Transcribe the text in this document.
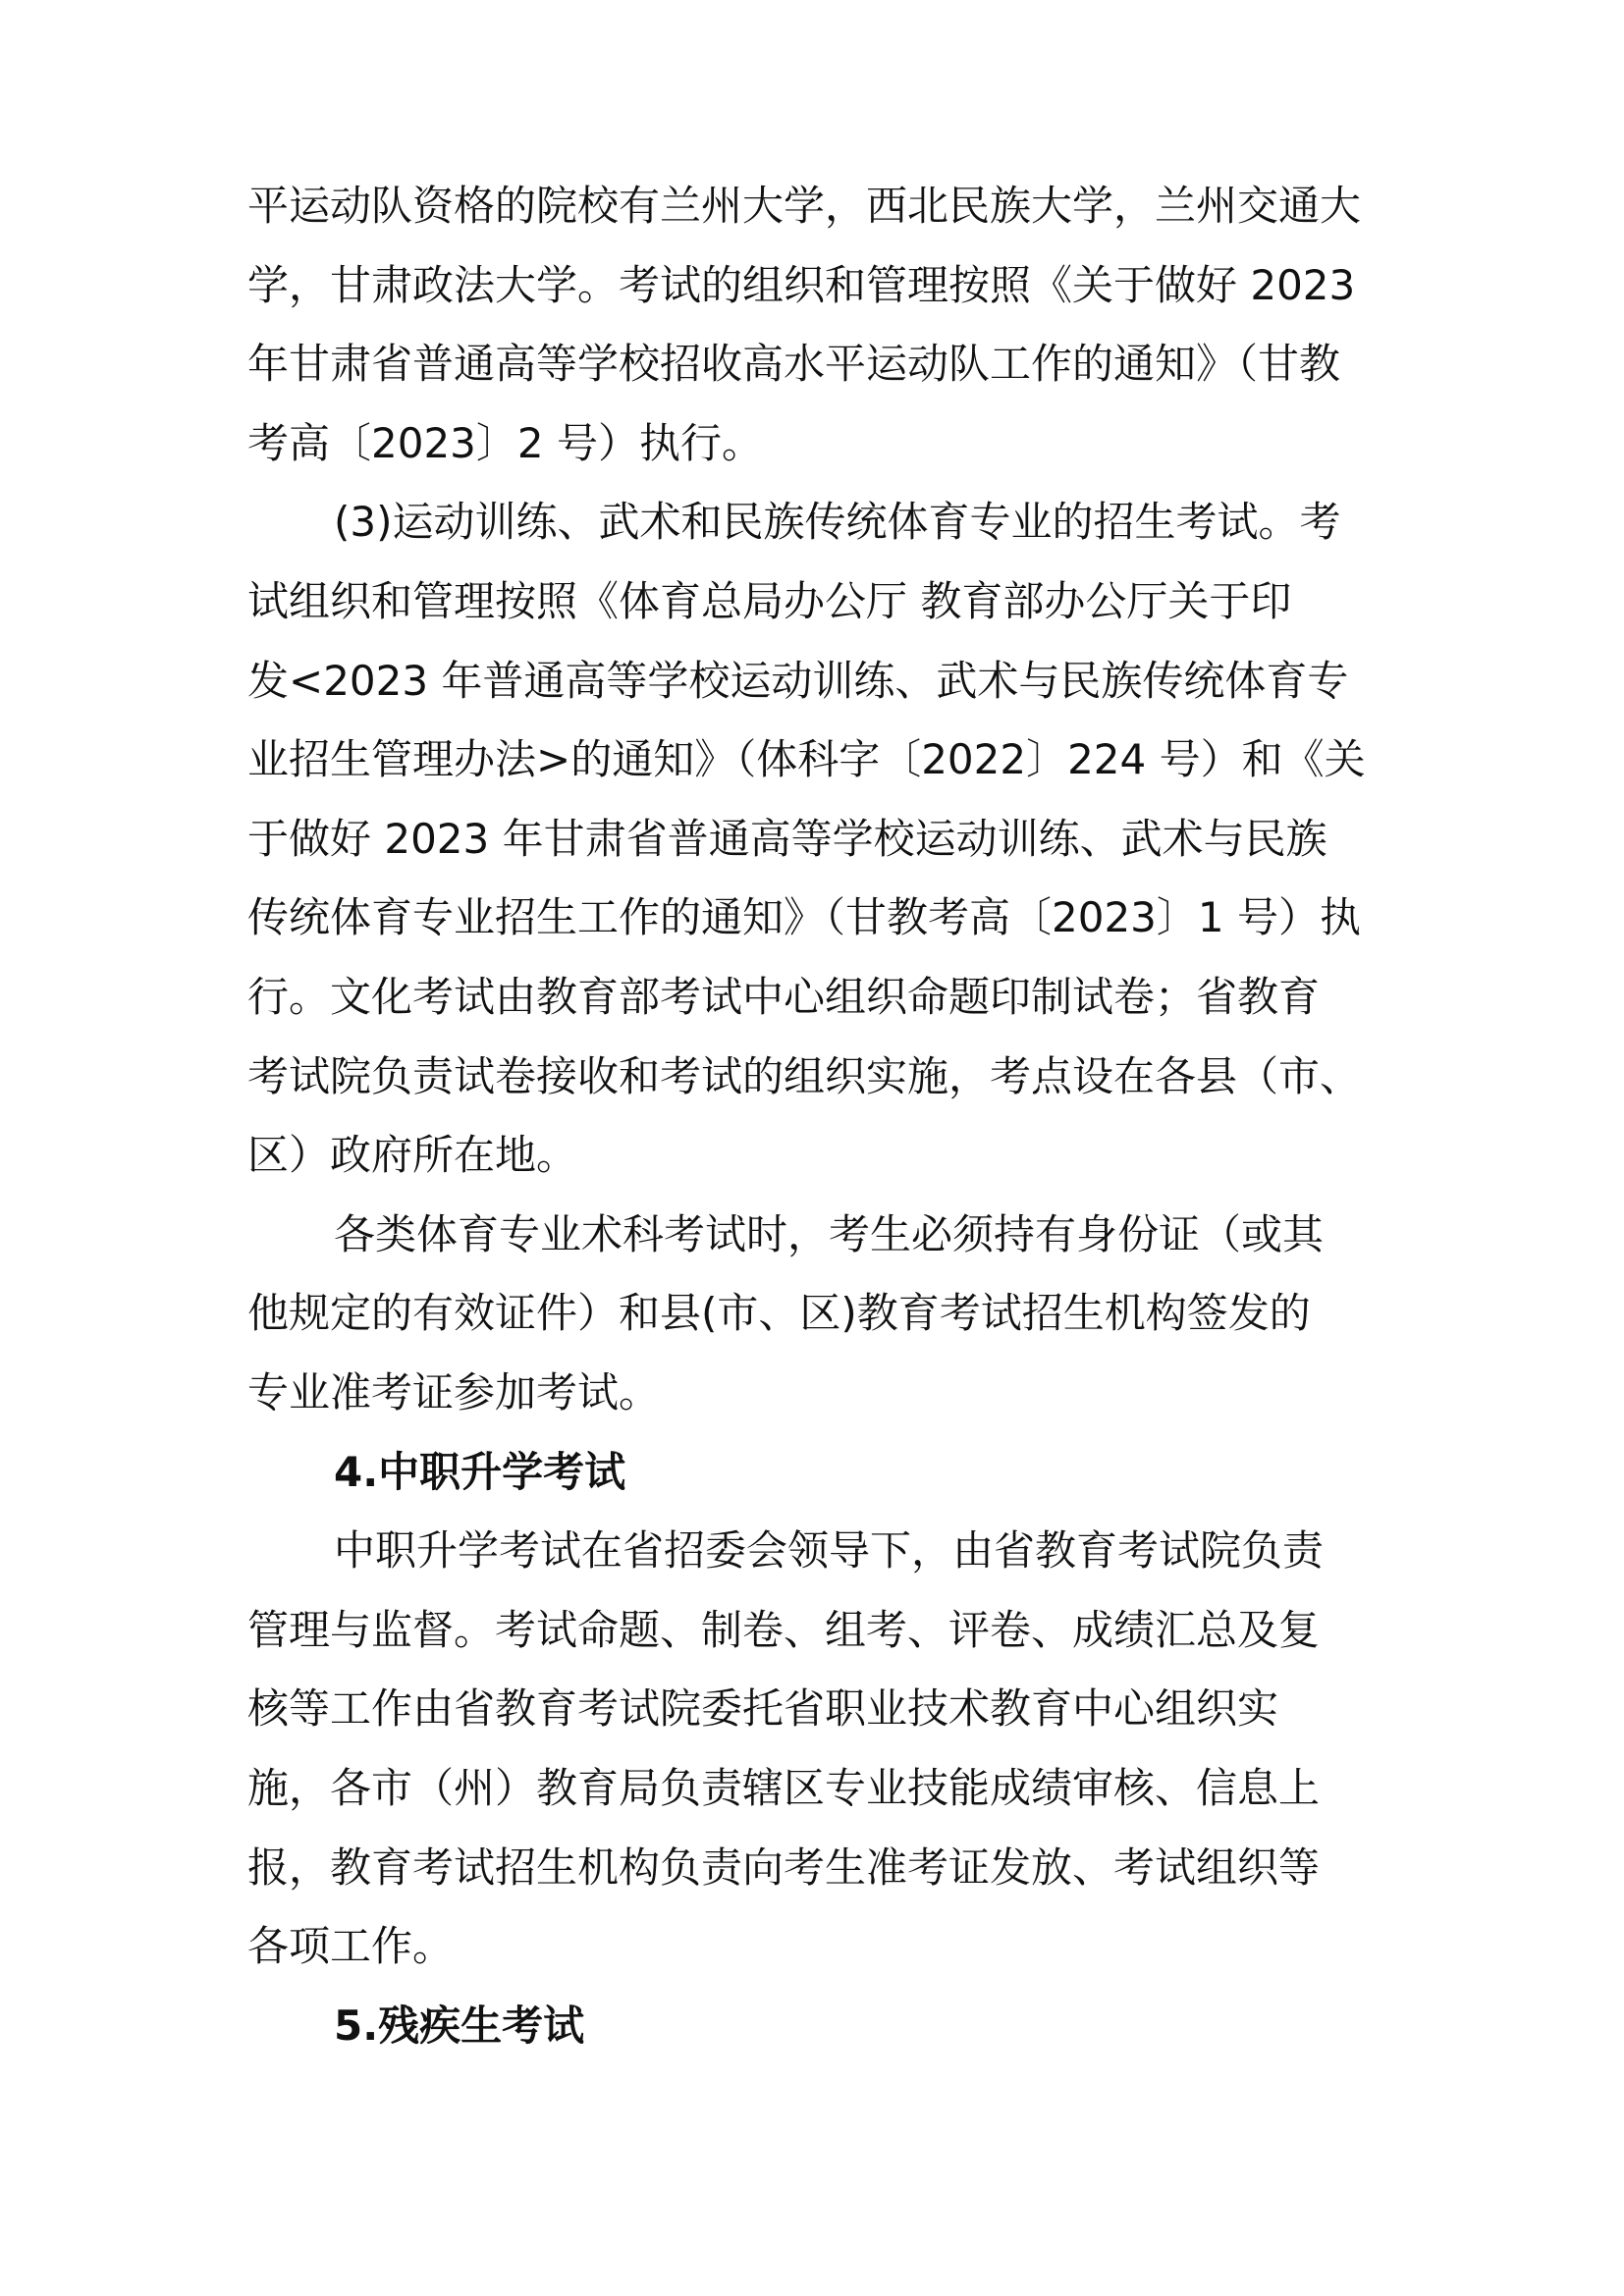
平运动队资格的院校有兰州大学，西北民族大学，兰州交通大
学，甘肃政法大学。考试的组织和管理按照《关于做好 2023
年甘肃省普通高等学校招收高水平运动队工作的通知》（甘教
考高〔2023〕2 号）执行。
(3)运动训练、武术和民族传统体育专业的招生考试。考
试组织和管理按照《体育总局办公厅 教育部办公厅关于印
发<2023 年普通高等学校运动训练、武术与民族传统体育专
业招生管理办法>的通知》（体科字〔2022〕224 号）和《关
于做好 2023 年甘肃省普通高等学校运动训练、武术与民族
传统体育专业招生工作的通知》（甘教考高〔2023〕1 号）执
行。文化考试由教育部考试中心组织命题印制试卷；省教育
考试院负责试卷接收和考试的组织实施，考点设在各县（市、
区）政府所在地。
各类体育专业术科考试时，考生必须持有身份证（或其
他规定的有效证件）和县(市、区)教育考试招生机构签发的
专业准考证参加考试。
4.中职升学考试
中职升学考试在省招委会领导下，由省教育考试院负责
管理与监督。考试命题、制卷、组考、评卷、成绩汇总及复
核等工作由省教育考试院委托省职业技术教育中心组织实
施，各市（州）教育局负责辖区专业技能成绩审核、信息上
报，教育考试招生机构负责向考生准考证发放、考试组织等
各项工作。
5.残疾生考试
